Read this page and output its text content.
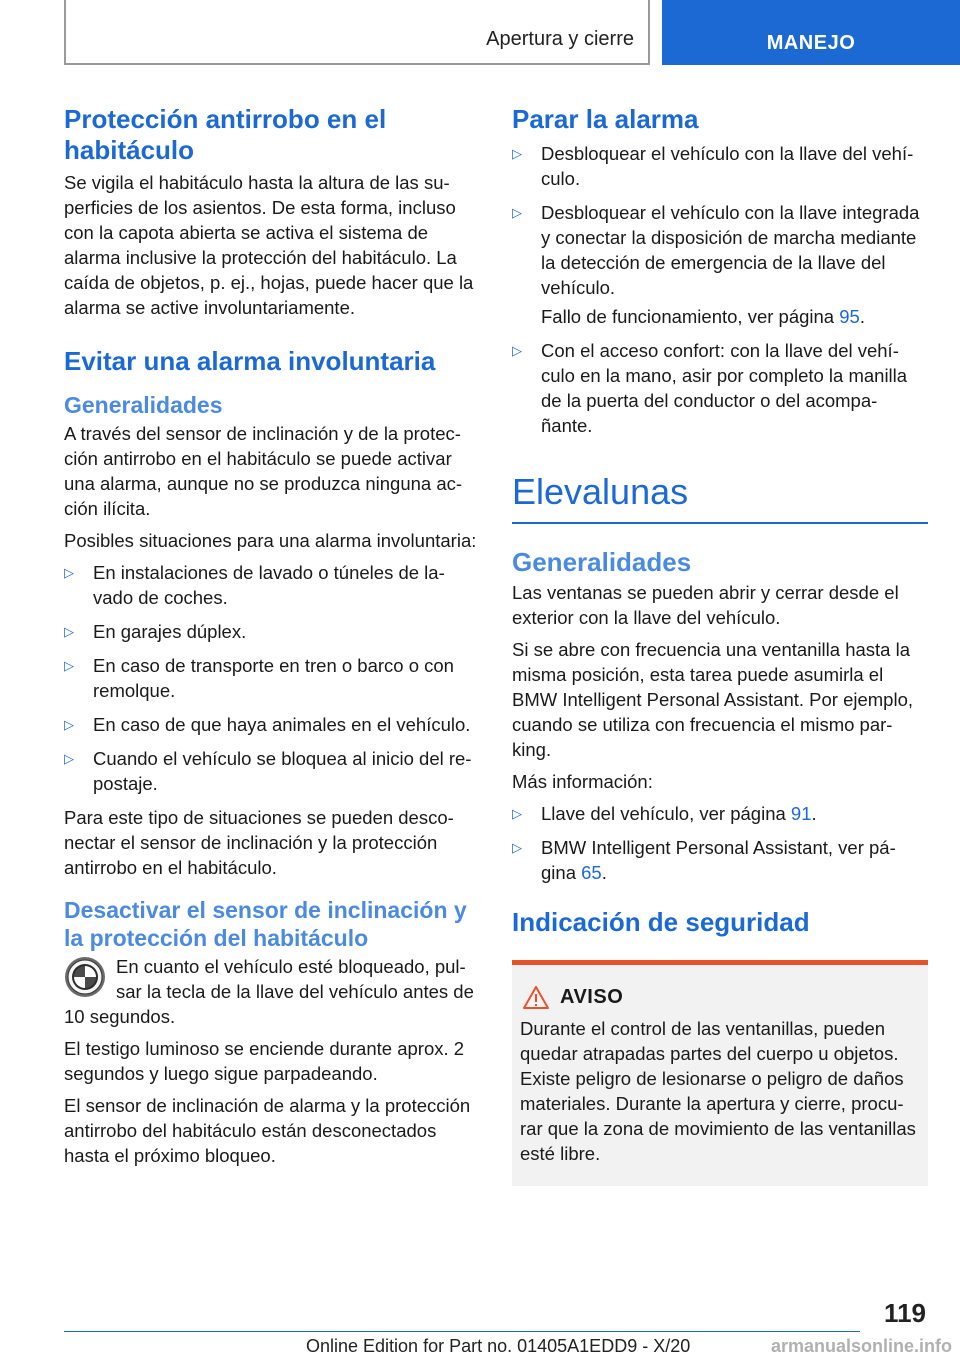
Apertura y cierre	MANEJO
Protección antirrobo en el habitáculo

Se vigila el habitáculo hasta la altura de las su-perficies de los asientos. De esta forma, incluso con la capota abierta se activa el sistema de alarma inclusive la protección del habitáculo. La caída de objetos, p. ej., hojas, puede hacer que la alarma se active involuntariamente.

Evitar una alarma involuntaria
Generalidades

A través del sensor de inclinación y de la protec-ción antirrobo en el habitáculo se puede activar una alarma, aunque no se produzca ninguna ac-ción ilícita.

Posibles situaciones para una alarma involuntaria:

▷ En instalaciones de lavado o túneles de la-vado de coches.
▷ En garajes dúplex.
▷ En caso de transporte en tren o barco o con remolque.
▷ En caso de que haya animales en el vehículo.
▷ Cuando el vehículo se bloquea al inicio del re-postaje.

Para este tipo de situaciones se pueden desco-nectar el sensor de inclinación y la protección antirrobo en el habitáculo.

Desactivar el sensor de inclinación y la protección del habitáculo

En cuanto el vehículo esté bloqueado, pul-sar la tecla de la llave del vehículo antes de 10 segundos.

El testigo luminoso se enciende durante aprox. 2 segundos y luego sigue parpadeando.

El sensor de inclinación de alarma y la protección antirrobo del habitáculo están desconectados hasta el próximo bloqueo.

Parar la alarma
▷ Desbloquear el vehículo con la llave del vehí-culo.
▷ Desbloquear el vehículo con la llave integrada y conectar la disposición de marcha mediante la detección de emergencia de la llave del vehículo.

Fallo de funcionamiento, ver página 95.

▷ Con el acceso confort: con la llave del vehí-culo en la mano, asir por completo la manilla de la puerta del conductor o del acompa-ñante.
Elevalunas
Generalidades

Las ventanas se pueden abrir y cerrar desde el exterior con la llave del vehículo.

Si se abre con frecuencia una ventanilla hasta la misma posición, esta tarea puede asumirla el BMW Intelligent Personal Assistant. Por ejemplo, cuando se utiliza con frecuencia el mismo par-king.

Más información:

▷ Llave del vehículo, ver página 91.
▷ BMW Intelligent Personal Assistant, ver pá-gina 65.
Indicación de seguridad
AVISO

Durante el control de las ventanillas, pueden quedar atrapadas partes del cuerpo u objetos. Existe peligro de lesionarse o peligro de daños materiales. Durante la apertura y cierre, procu-rar que la zona de movimiento de las ventanillas esté libre.

119
Online Edition for Part no. 01405A1EDD9 - X/20	armanualsonline.info
